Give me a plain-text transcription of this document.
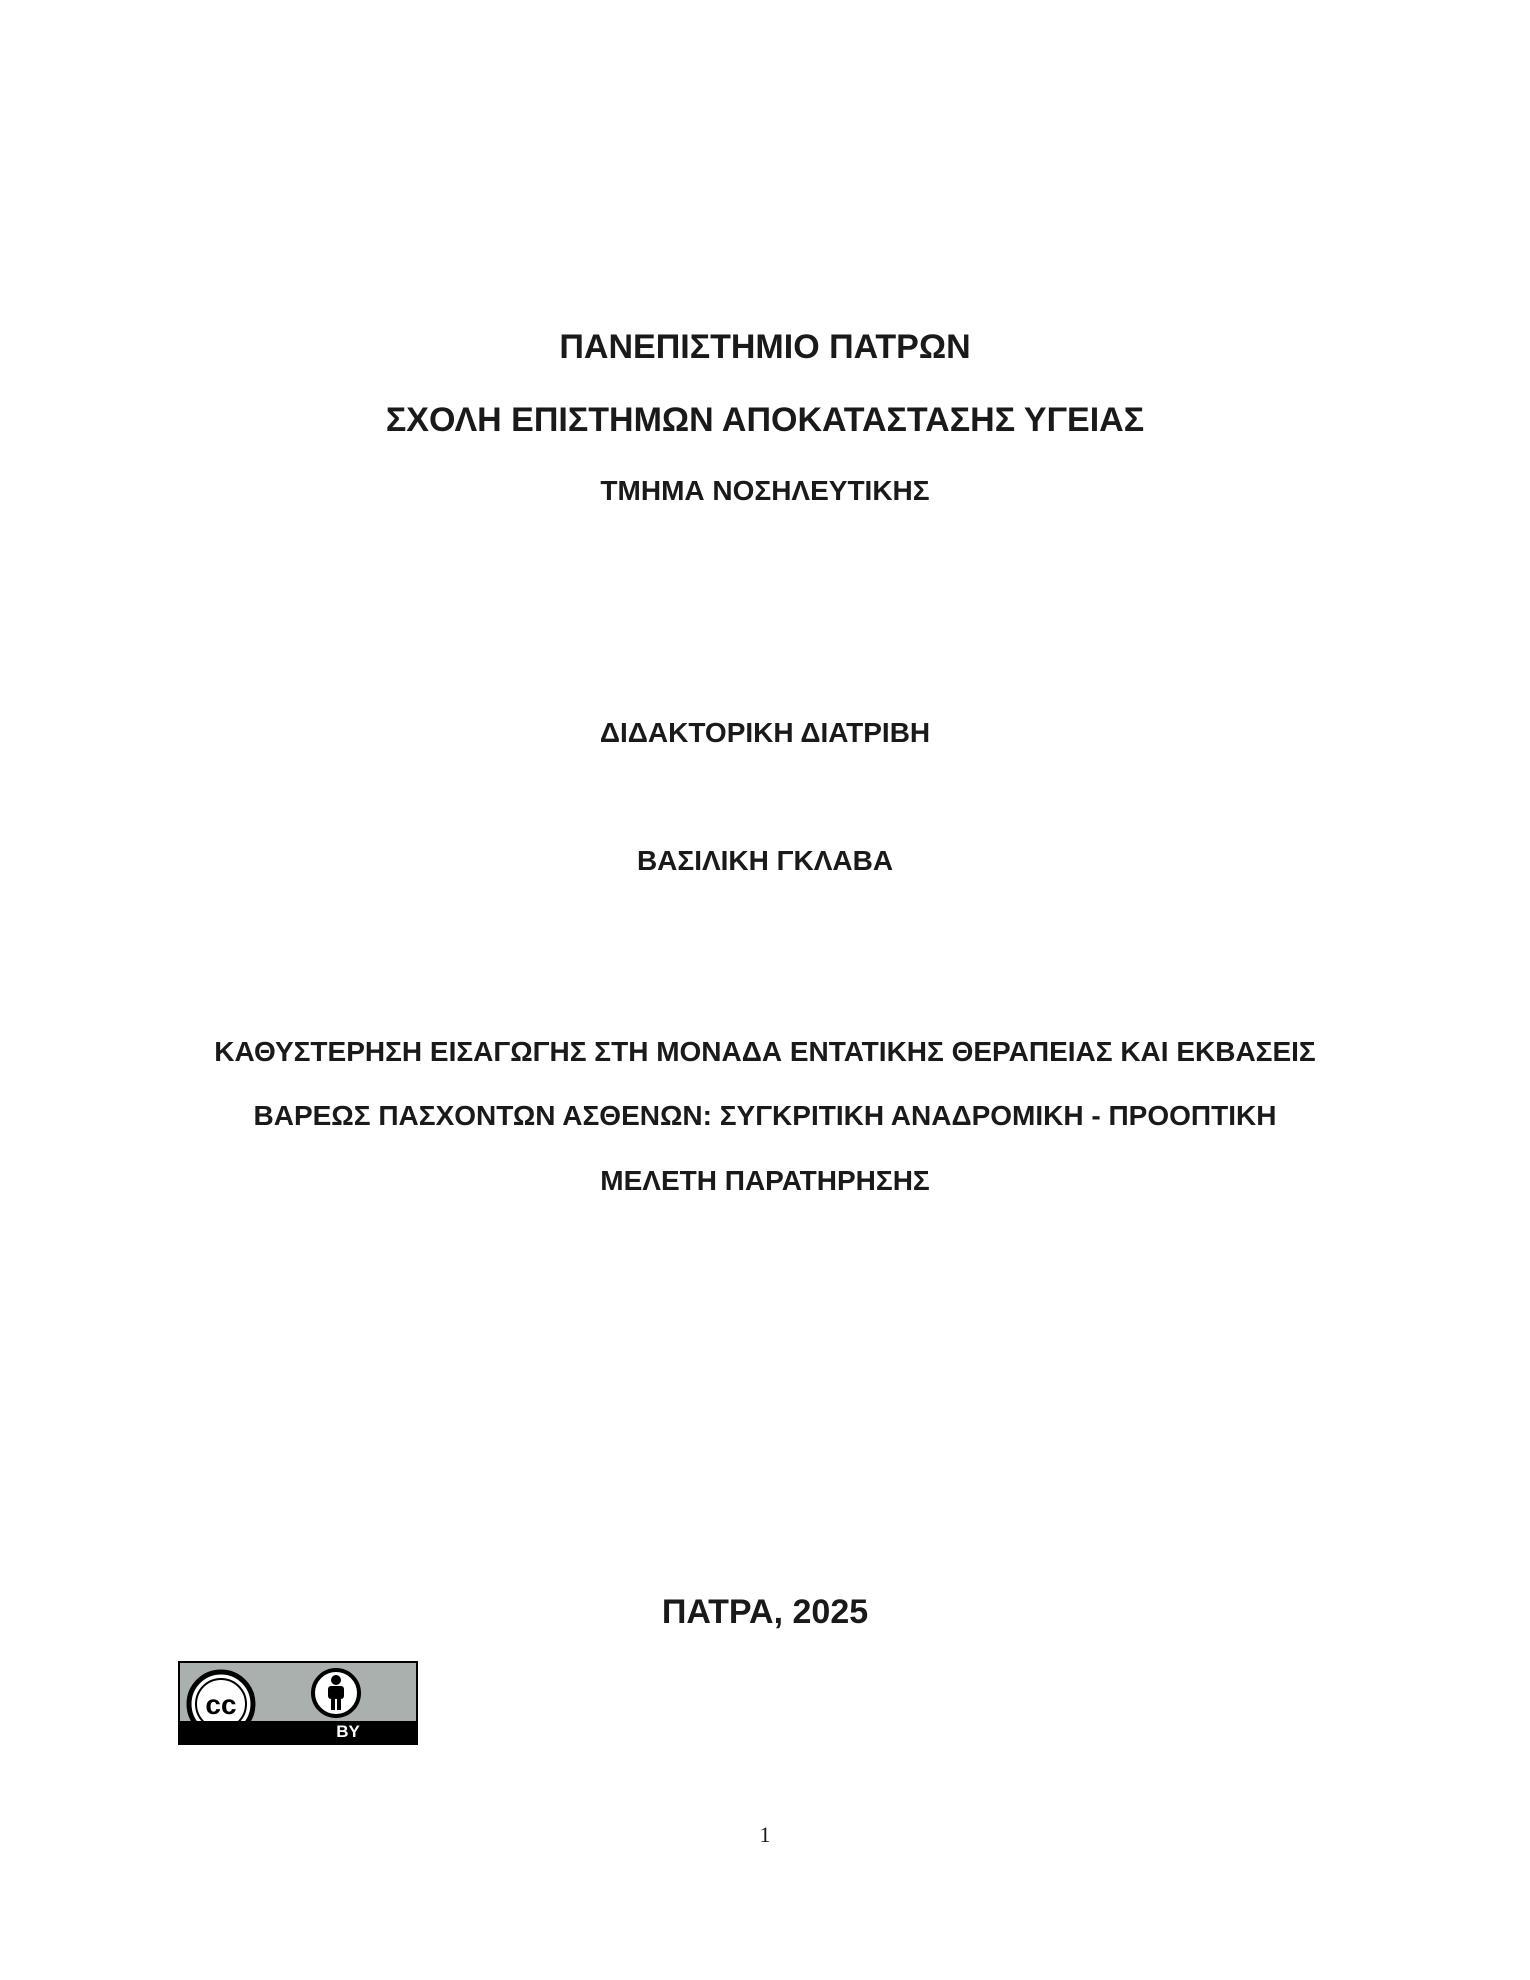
ΠΑΝΕΠΙΣΤΗΜΙΟ ΠΑΤΡΩΝ

ΣΧΟΛΗ ΕΠΙΣΤΗΜΩΝ ΑΠΟΚΑΤΑΣΤΑΣΗΣ ΥΓΕΙΑΣ

ΤΜΗΜΑ ΝΟΣΗΛΕΥΤΙΚΗΣ

ΔΙΔΑΚΤΟΡΙΚΗ ΔΙΑΤΡΙΒΗ

ΒΑΣΙΛΙΚΗ ΓΚΛΑΒΑ

ΚΑΘΥΣΤΕΡΗΣΗ ΕΙΣΑΓΩΓΗΣ ΣΤΗ ΜΟΝΑΔΑ ΕΝΤΑΤΙΚΗΣ ΘΕΡΑΠΕΙΑΣ ΚΑΙ ΕΚΒΑΣΕΙΣ

ΒΑΡΕΩΣ ΠΑΣΧΟΝΤΩΝ ΑΣΘΕΝΩΝ: ΣΥΓΚΡΙΤΙΚΗ ΑΝΑΔΡΟΜΙΚΗ - ΠΡΟΟΠΤΙΚΗ

ΜΕΛΕΤΗ ΠΑΡΑΤΗΡΗΣΗΣ

ΠΑΤΡΑ, 2025

cc
BY
1
